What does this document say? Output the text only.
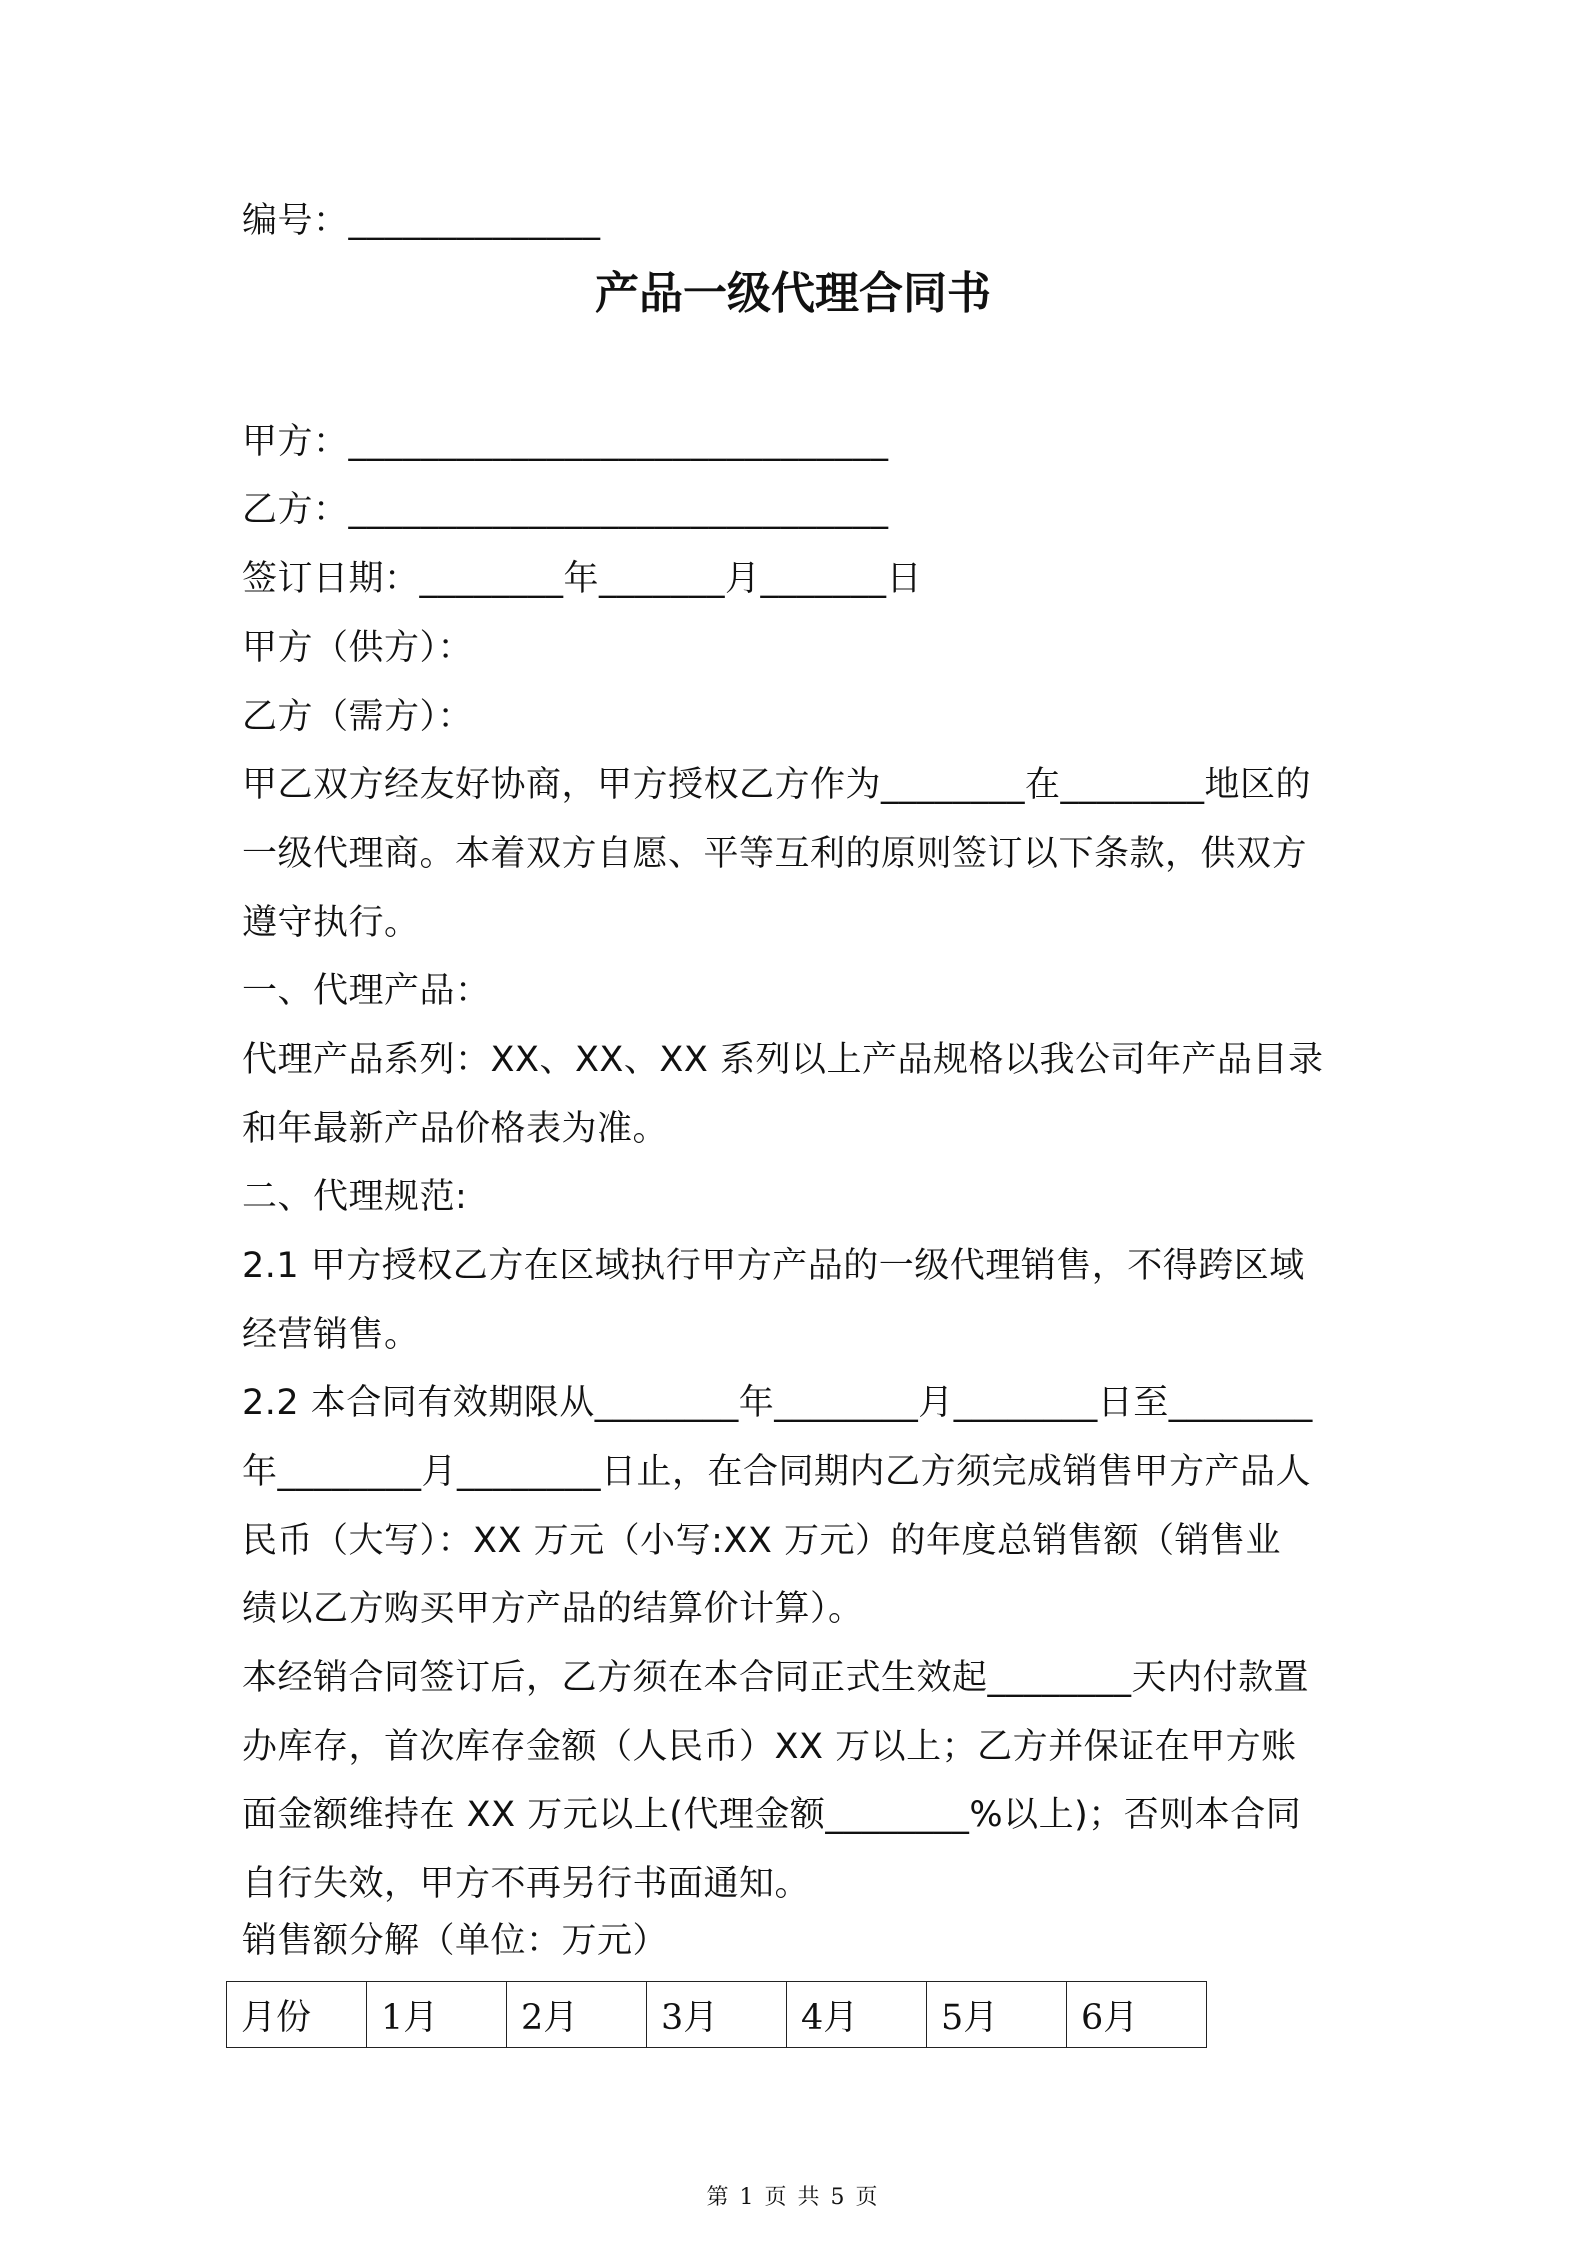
编号：______________
产品一级代理合同书
甲方：______________________________
乙方：______________________________
签订日期：________年_______月_______日
甲方（供方）：
乙方（需方）：
甲乙双方经友好协商，甲方授权乙方作为________在________地区的
一级代理商。本着双方自愿、平等互利的原则签订以下条款，供双方
遵守执行。
一、代理产品：
代理产品系列：XX、XX、XX 系列以上产品规格以我公司年产品目录
和年最新产品价格表为准。
二、代理规范:
2.1 甲方授权乙方在区域执行甲方产品的一级代理销售，不得跨区域
经营销售。
2.2 本合同有效期限从________年________月________日至________
年________月________日止，在合同期内乙方须完成销售甲方产品人
民币（大写）：XX 万元（小写:XX 万元）的年度总销售额（销售业
绩以乙方购买甲方产品的结算价计算）。
本经销合同签订后，乙方须在本合同正式生效起________天内付款置
办库存，首次库存金额（人民币）XX 万以上；乙方并保证在甲方账
面金额维持在 XX 万元以上(代理金额________%以上)；否则本合同
自行失效，甲方不再另行书面通知。
销售额分解（单位：万元）
月份	1月	2月	3月	4月	5月	6月
第 1 页 共 5 页
